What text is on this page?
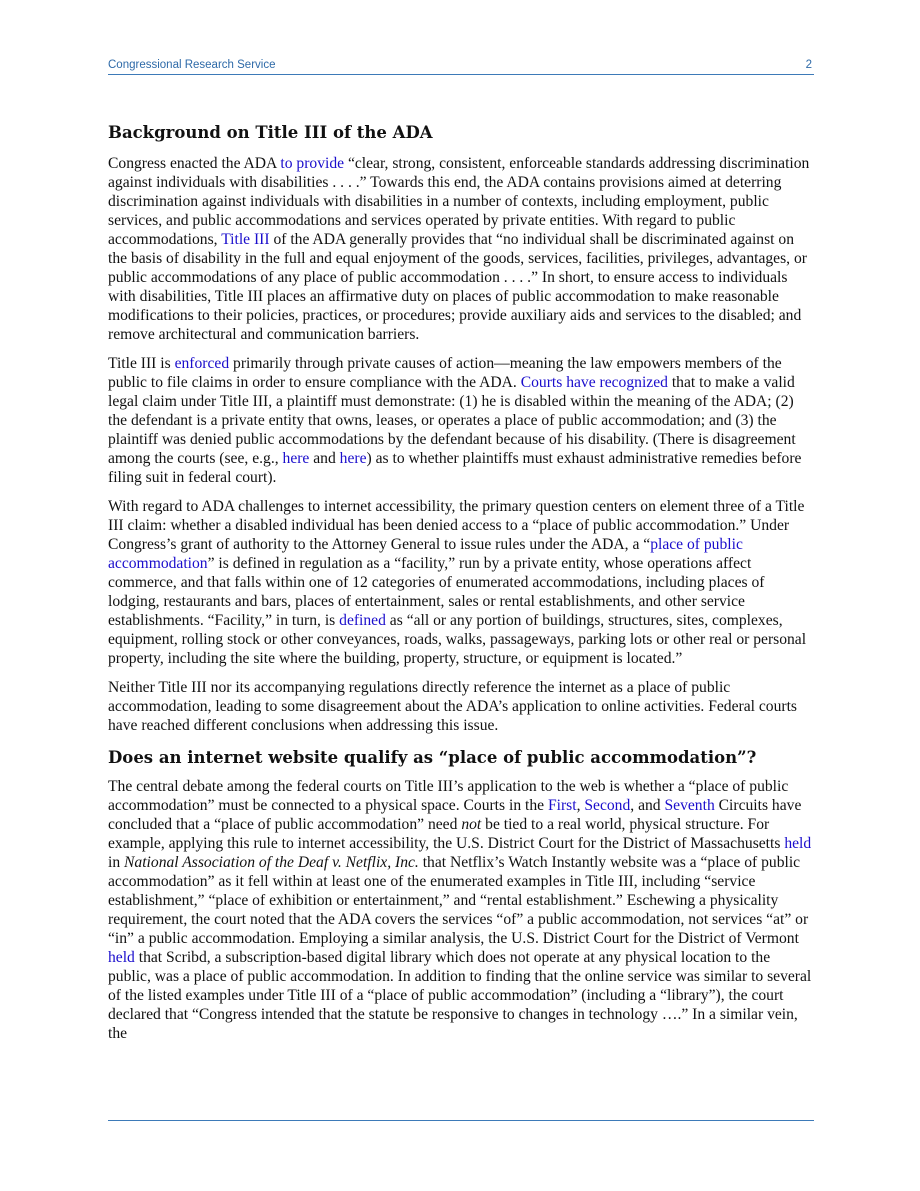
Congressional Research Service	2
Background on Title III of the ADA

Congress enacted the ADA to provide “clear, strong, consistent, enforceable standards addressing discrimination against individuals with disabilities . . . .” Towards this end, the ADA contains provisions aimed at deterring discrimination against individuals with disabilities in a number of contexts, including employment, public services, and public accommodations and services operated by private entities. With regard to public accommodations, Title III of the ADA generally provides that “no individual shall be discriminated against on the basis of disability in the full and equal enjoyment of the goods, services, facilities, privileges, advantages, or public accommodations of any place of public accommodation . . . .” In short, to ensure access to individuals with disabilities, Title III places an affirmative duty on places of public accommodation to make reasonable modifications to their policies, practices, or procedures; provide auxiliary aids and services to the disabled; and remove architectural and communication barriers.

Title III is enforced primarily through private causes of action—meaning the law empowers members of the public to file claims in order to ensure compliance with the ADA. Courts have recognized that to make a valid legal claim under Title III, a plaintiff must demonstrate: (1) he is disabled within the meaning of the ADA; (2) the defendant is a private entity that owns, leases, or operates a place of public accommodation; and (3) the plaintiff was denied public accommodations by the defendant because of his disability. (There is disagreement among the courts (see, e.g., here and here) as to whether plaintiffs must exhaust administrative remedies before filing suit in federal court).

With regard to ADA challenges to internet accessibility, the primary question centers on element three of a Title III claim: whether a disabled individual has been denied access to a “place of public accommodation.” Under Congress’s grant of authority to the Attorney General to issue rules under the ADA, a “place of public accommodation” is defined in regulation as a “facility,” run by a private entity, whose operations affect commerce, and that falls within one of 12 categories of enumerated accommodations, including places of lodging, restaurants and bars, places of entertainment, sales or rental establishments, and other service establishments. “Facility,” in turn, is defined as “all or any portion of buildings, structures, sites, complexes, equipment, rolling stock or other conveyances, roads, walks, passageways, parking lots or other real or personal property, including the site where the building, property, structure, or equipment is located.”

Neither Title III nor its accompanying regulations directly reference the internet as a place of public accommodation, leading to some disagreement about the ADA’s application to online activities. Federal courts have reached different conclusions when addressing this issue.

Does an internet website qualify as “place of public accommodation”?

The central debate among the federal courts on Title III’s application to the web is whether a “place of public accommodation” must be connected to a physical space. Courts in the First, Second, and Seventh Circuits have concluded that a “place of public accommodation” need not be tied to a real world, physical structure. For example, applying this rule to internet accessibility, the U.S. District Court for the District of Massachusetts held in National Association of the Deaf v. Netflix, Inc. that Netflix’s Watch Instantly website was a “place of public accommodation” as it fell within at least one of the enumerated examples in Title III, including “service establishment,” “place of exhibition or entertainment,” and “rental establishment.” Eschewing a physicality requirement, the court noted that the ADA covers the services “of” a public accommodation, not services “at” or “in” a public accommodation. Employing a similar analysis, the U.S. District Court for the District of Vermont held that Scribd, a subscription-based digital library which does not operate at any physical location to the public, was a place of public accommodation. In addition to finding that the online service was similar to several of the listed examples under Title III of a “place of public accommodation” (including a “library”), the court declared that “Congress intended that the statute be responsive to changes in technology ….” In a similar vein, the
